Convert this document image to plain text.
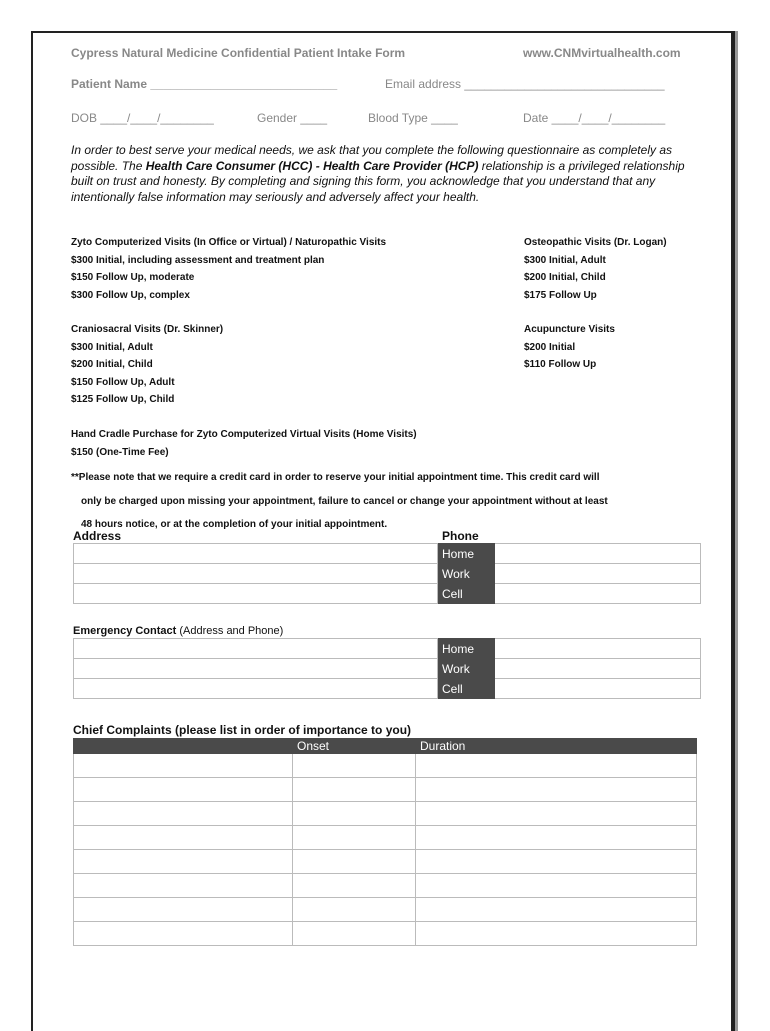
Cypress Natural Medicine Confidential Patient Intake Form	www.CNMvirtualhealth.com
Patient Name ____________________________	Email address ______________________________
DOB ____/____/________	Gender ____	Blood Type ____	Date ____/____/________
In order to best serve your medical needs, we ask that you complete the following questionnaire as completely as possible. The Health Care Consumer (HCC) - Health Care Provider (HCP) relationship is a privileged relationship built on trust and honesty. By completing and signing this form, you acknowledge that you understand that any intentionally false information may seriously and adversely affect your health.
Zyto Computerized Visits (In Office or Virtual) / Naturopathic Visits
$300 Initial, including assessment and treatment plan
$150 Follow Up, moderate
$300 Follow Up, complex
Osteopathic Visits (Dr. Logan)
$300 Initial, Adult
$200 Initial, Child
$175 Follow Up
Craniosacral Visits (Dr. Skinner)
$300 Initial, Adult
$200 Initial, Child
$150 Follow Up, Adult
$125 Follow Up, Child
Acupuncture Visits
$200 Initial
$110 Follow Up
Hand Cradle Purchase for Zyto Computerized Virtual Visits (Home Visits)
$150 (One-Time Fee)
**Please note that we require a credit card in order to reserve your initial appointment time. This credit card will
only be charged upon missing your appointment, failure to cancel or change your appointment without at least
48 hours notice, or at the completion of your initial appointment.
Address	Phone
	Home	
	Work	
	Cell	
Emergency Contact (Address and Phone)
	Home	
	Work	
	Cell	
Chief Complaints (please list in order of importance to you)
	Onset	Duration
